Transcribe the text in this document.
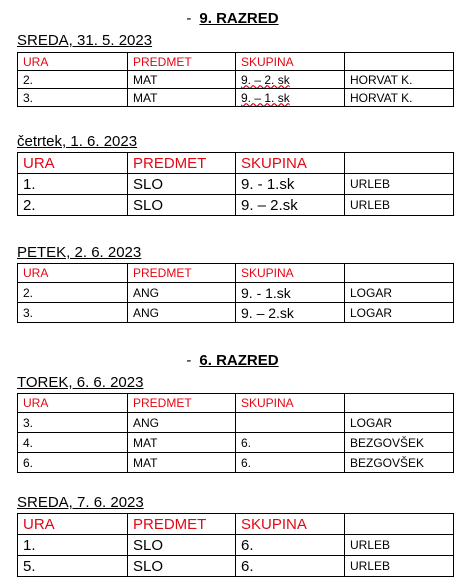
- 9. RAZRED
SREDA, 31. 5. 2023
URA	PREDMET	SKUPINA	
2.	MAT	9. – 2. sk	HORVAT K.
3.	MAT	9. – 1. sk	HORVAT K.
četrtek, 1. 6. 2023
URA	PREDMET	SKUPINA	
1.	SLO	9. - 1.sk	URLEB
2.	SLO	9. – 2.sk	URLEB
PETEK, 2. 6. 2023
URA	PREDMET	SKUPINA	
2.	ANG	9. - 1.sk	LOGAR
3.	ANG	9. – 2.sk	LOGAR
- 6. RAZRED
TOREK, 6. 6. 2023
URA	PREDMET	SKUPINA	
3.	ANG		LOGAR
4.	MAT	6.	BEZGOVŠEK
6.	MAT	6.	BEZGOVŠEK
SREDA, 7. 6. 2023
URA	PREDMET	SKUPINA	
1.	SLO	6.	URLEB
5.	SLO	6.	URLEB
